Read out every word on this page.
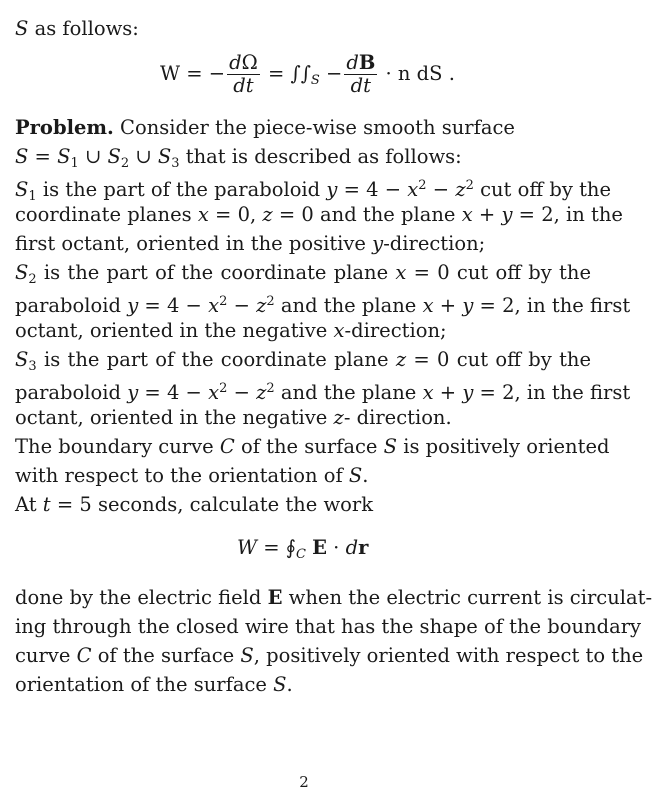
S as follows:
W = − $\frac{d\Omega}{dt} = \int\int_S - \frac{dB}{dt} \cdot n$ dS .
Problem. Consider the piece-wise smooth surface
$S = S_1$ ∪ $S_2$ ∪ $S_3$ that is described as follows:
$S_1$ is the part of the paraboloid $y = 4 - x^2 - z^2$ cut off by the
coordinate planes x = 0, z = 0 and the plane x + y = 2, in the
first octant, oriented in the positive y-direction;
$S_2$ is the part of the coordinate plane x = 0 cut off by the
paraboloid $y = 4 - x^2 - z^2$ and the plane x + y = 2, in the first
octant, oriented in the negative x-direction;
$S_3$ is the part of the coordinate plane z = 0 cut off by the
paraboloid $y = 4 - x^2 - z^2$ and the plane x + y = 2, in the first
octant, oriented in the negative z- direction.
The boundary curve C of the surface S is positively oriented
with respect to the orientation of S.
At t = 5 seconds, calculate the work
$W = ∮_C$ E · dr
done by the electric field E when the electric current is circulat-
ing through the closed wire that has the shape of the boundary
curve C of the surface S, positively oriented with respect to the
orientation of the surface S.
2
